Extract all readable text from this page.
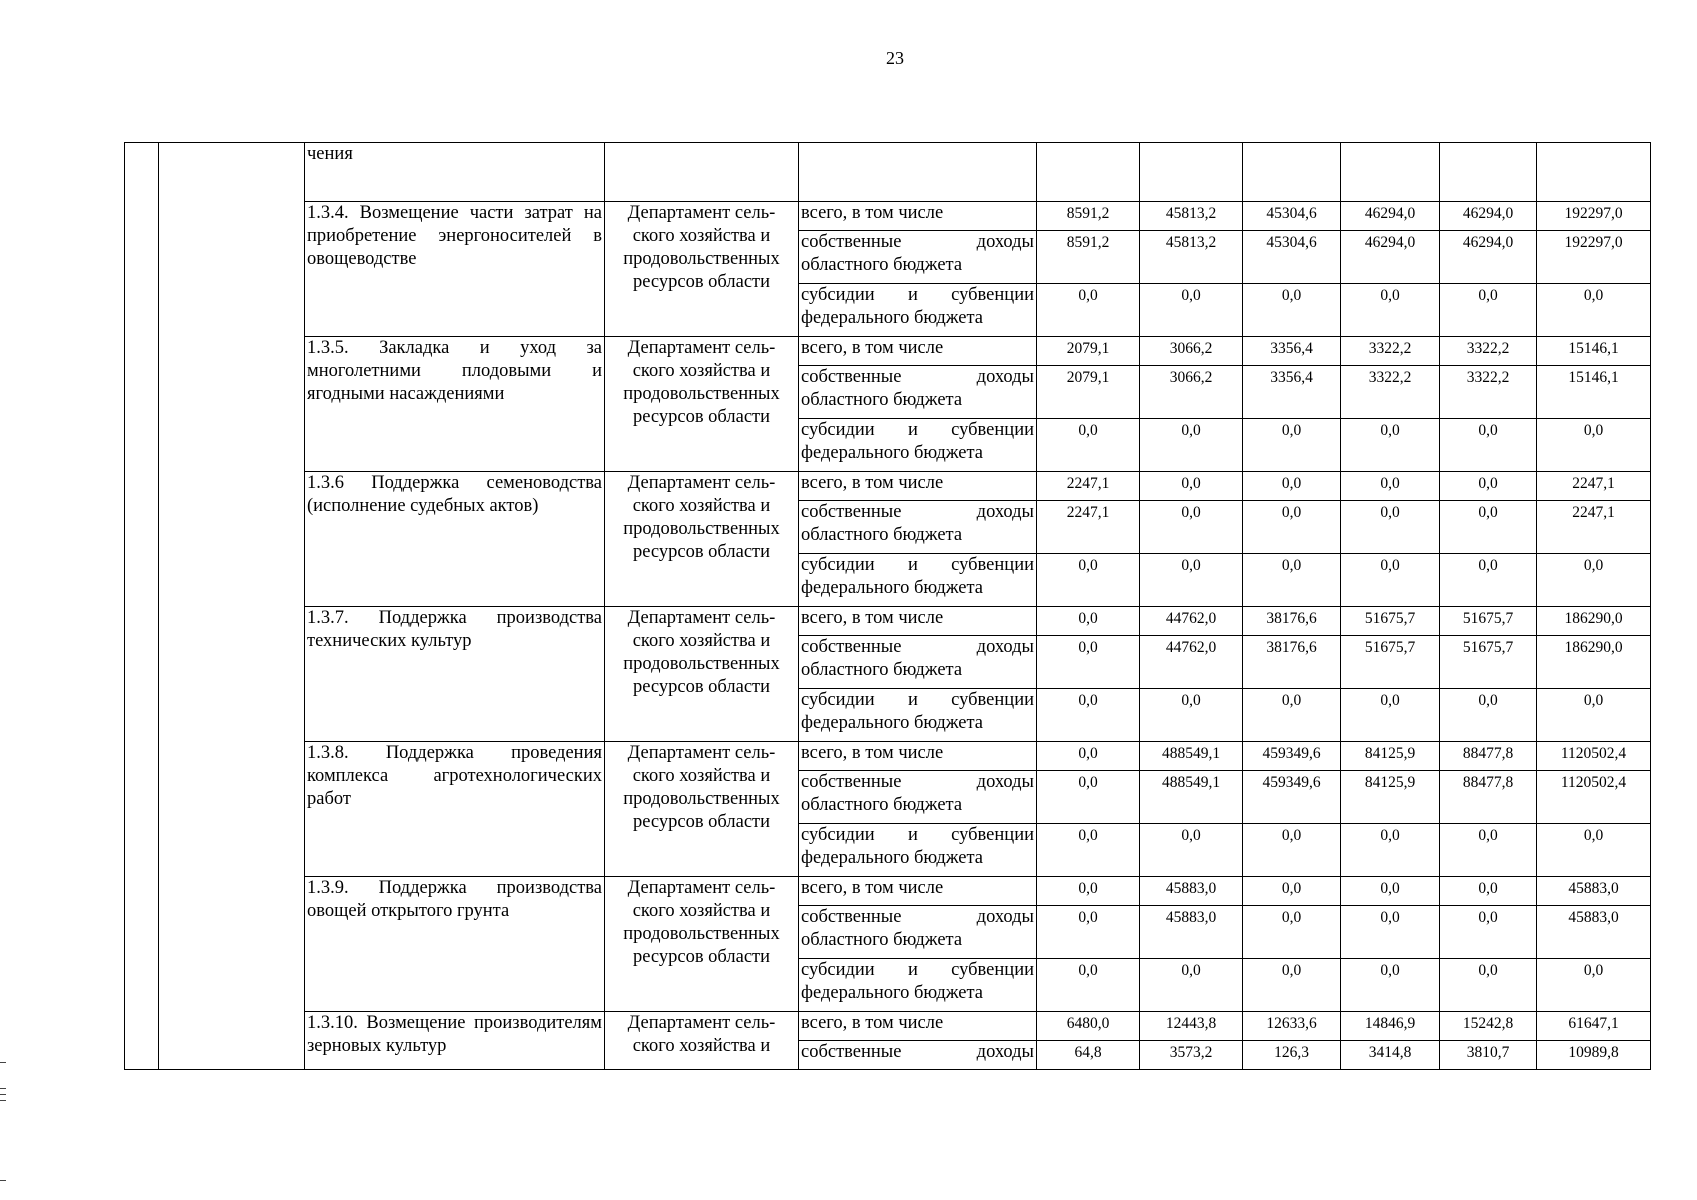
23
		чения								
		1.3.4. Возмещение части затрат на приобретение энергоносителей в овощеводстве	Департамент сель-
ского хозяйства и
продовольственных
ресурсов области	всего, в том числе	8591,2	45813,2	45304,6	46294,0	46294,0	192297,0

				собственные доходы
областного бюджета	8591,2	45813,2	45304,6	46294,0	46294,0	192297,0

				субсидии и субвенции
федерального бюджета	0,0	0,0	0,0	0,0	0,0	0,0
		1.3.5. Закладка и уход за многолетними плодовыми и ягодными насаждениями	Департамент сель-
ского хозяйства и
продовольственных
ресурсов области	всего, в том числе	2079,1	3066,2	3356,4	3322,2	3322,2	15146,1

				собственные доходы
областного бюджета	2079,1	3066,2	3356,4	3322,2	3322,2	15146,1

				субсидии и субвенции
федерального бюджета	0,0	0,0	0,0	0,0	0,0	0,0
		1.3.6 Поддержка семеноводства (исполнение судебных актов)	Департамент сель-
ского хозяйства и
продовольственных
ресурсов области	всего, в том числе	2247,1	0,0	0,0	0,0	0,0	2247,1

				собственные доходы
областного бюджета	2247,1	0,0	0,0	0,0	0,0	2247,1

				субсидии и субвенции
федерального бюджета	0,0	0,0	0,0	0,0	0,0	0,0
		1.3.7. Поддержка производства технических культур	Департамент сель-
ского хозяйства и
продовольственных
ресурсов области	всего, в том числе	0,0	44762,0	38176,6	51675,7	51675,7	186290,0

				собственные доходы
областного бюджета	0,0	44762,0	38176,6	51675,7	51675,7	186290,0

				субсидии и субвенции
федерального бюджета	0,0	0,0	0,0	0,0	0,0	0,0
		1.3.8. Поддержка проведения комплекса агротехнологических работ	Департамент сель-
ского хозяйства и
продовольственных
ресурсов области	всего, в том числе	0,0	488549,1	459349,6	84125,9	88477,8	1120502,4

				собственные доходы
областного бюджета	0,0	488549,1	459349,6	84125,9	88477,8	1120502,4

				субсидии и субвенции
федерального бюджета	0,0	0,0	0,0	0,0	0,0	0,0
		1.3.9. Поддержка производства овощей открытого грунта	Департамент сель-
ского хозяйства и
продовольственных
ресурсов области	всего, в том числе	0,0	45883,0	0,0	0,0	0,0	45883,0

				собственные доходы
областного бюджета	0,0	45883,0	0,0	0,0	0,0	45883,0

				субсидии и субвенции
федерального бюджета	0,0	0,0	0,0	0,0	0,0	0,0
		1.3.10. Возмещение производителям зерновых культур	Департамент сель-
ского хозяйства и	всего, в том числе	6480,0	12443,8	12633,6	14846,9	15242,8	61647,1
				собственные доходы	64,8	3573,2	126,3	3414,8	3810,7	10989,8
